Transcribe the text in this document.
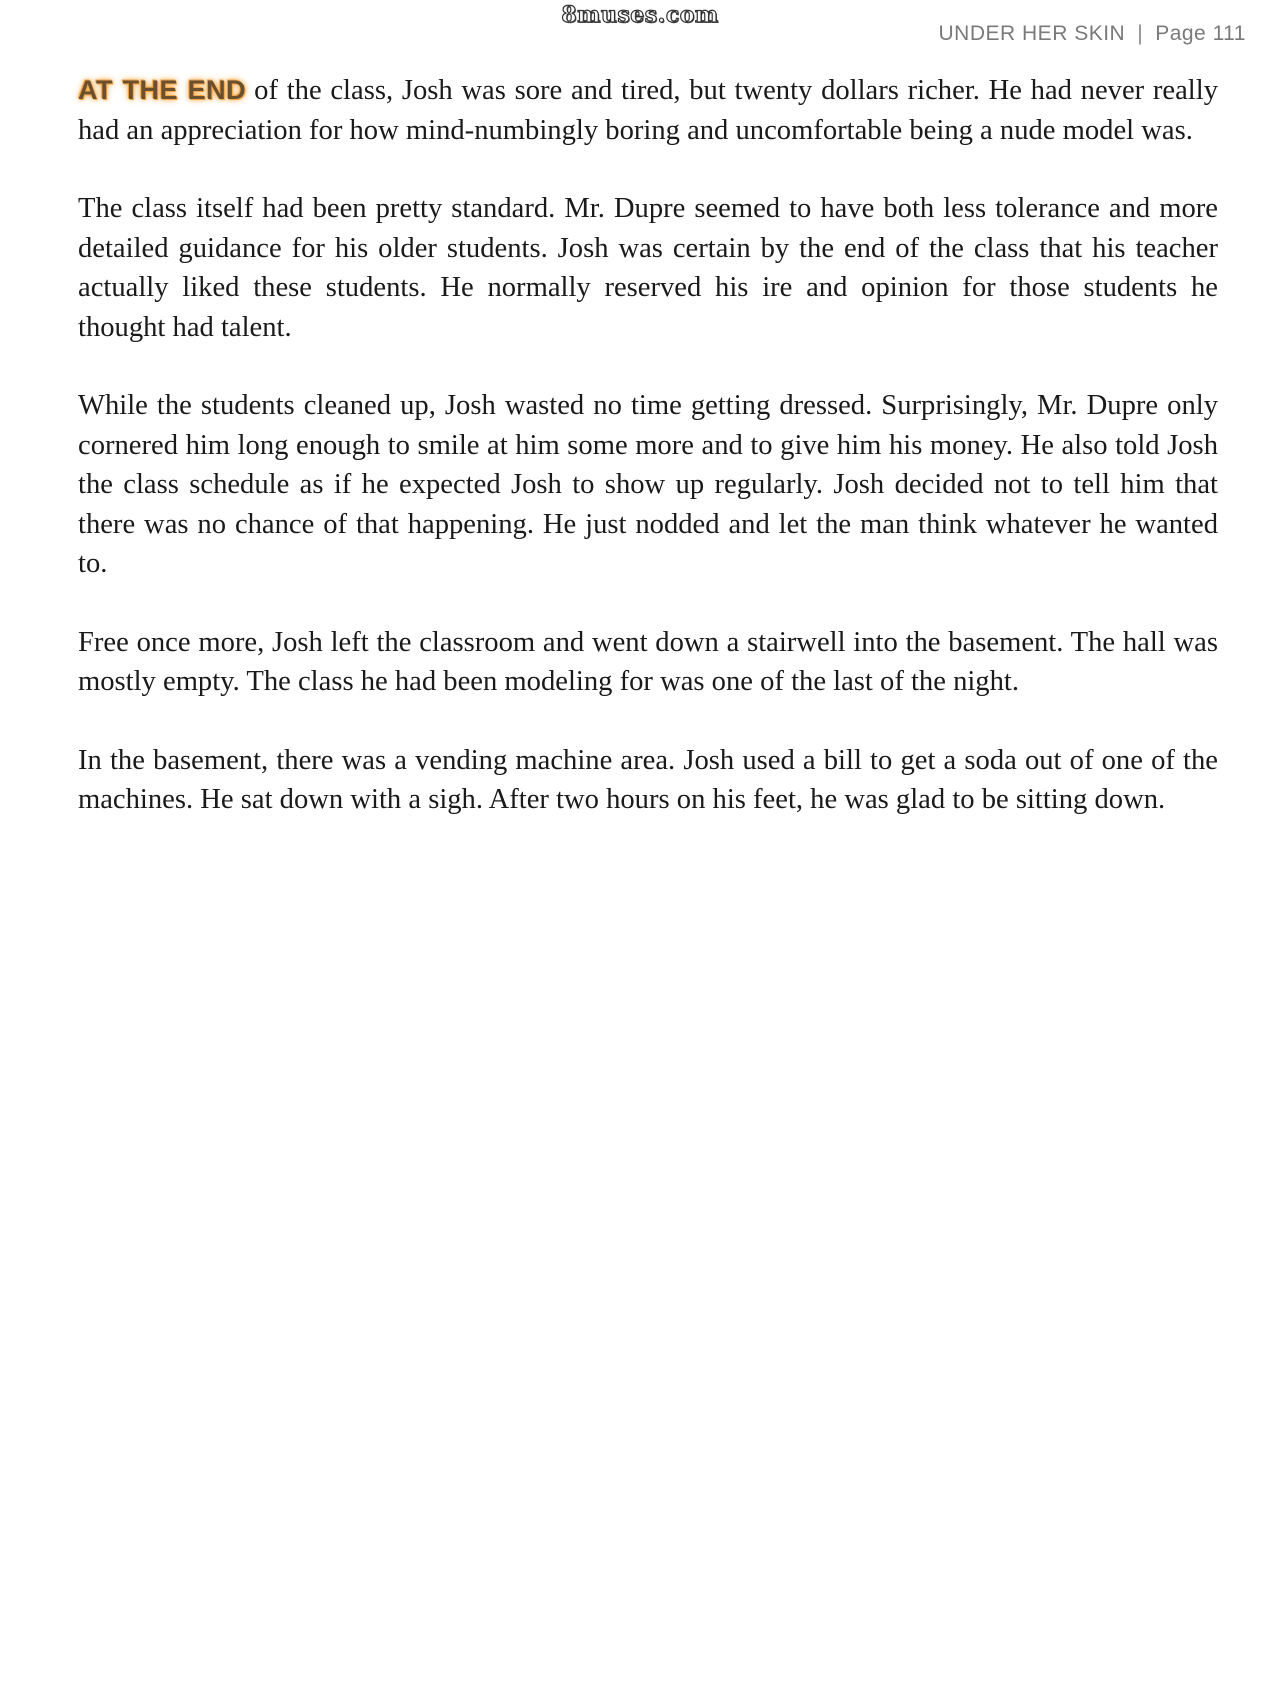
8muses.com
UNDER HER SKIN | Page 111

AT THE END of the class, Josh was sore and tired, but twenty dollars richer. He had never really had an appreciation for how mind-numbingly boring and uncomfortable being a nude model was.

The class itself had been pretty standard. Mr. Dupre seemed to have both less tolerance and more detailed guidance for his older students. Josh was certain by the end of the class that his teacher actually liked these students. He normally reserved his ire and opinion for those students he thought had talent.

While the students cleaned up, Josh wasted no time getting dressed. Surprisingly, Mr. Dupre only cornered him long enough to smile at him some more and to give him his money. He also told Josh the class schedule as if he expected Josh to show up regularly. Josh decided not to tell him that there was no chance of that happening. He just nodded and let the man think whatever he wanted to.

Free once more, Josh left the classroom and went down a stairwell into the basement. The hall was mostly empty. The class he had been modeling for was one of the last of the night.

In the basement, there was a vending machine area. Josh used a bill to get a soda out of one of the machines. He sat down with a sigh. After two hours on his feet, he was glad to be sitting down.
